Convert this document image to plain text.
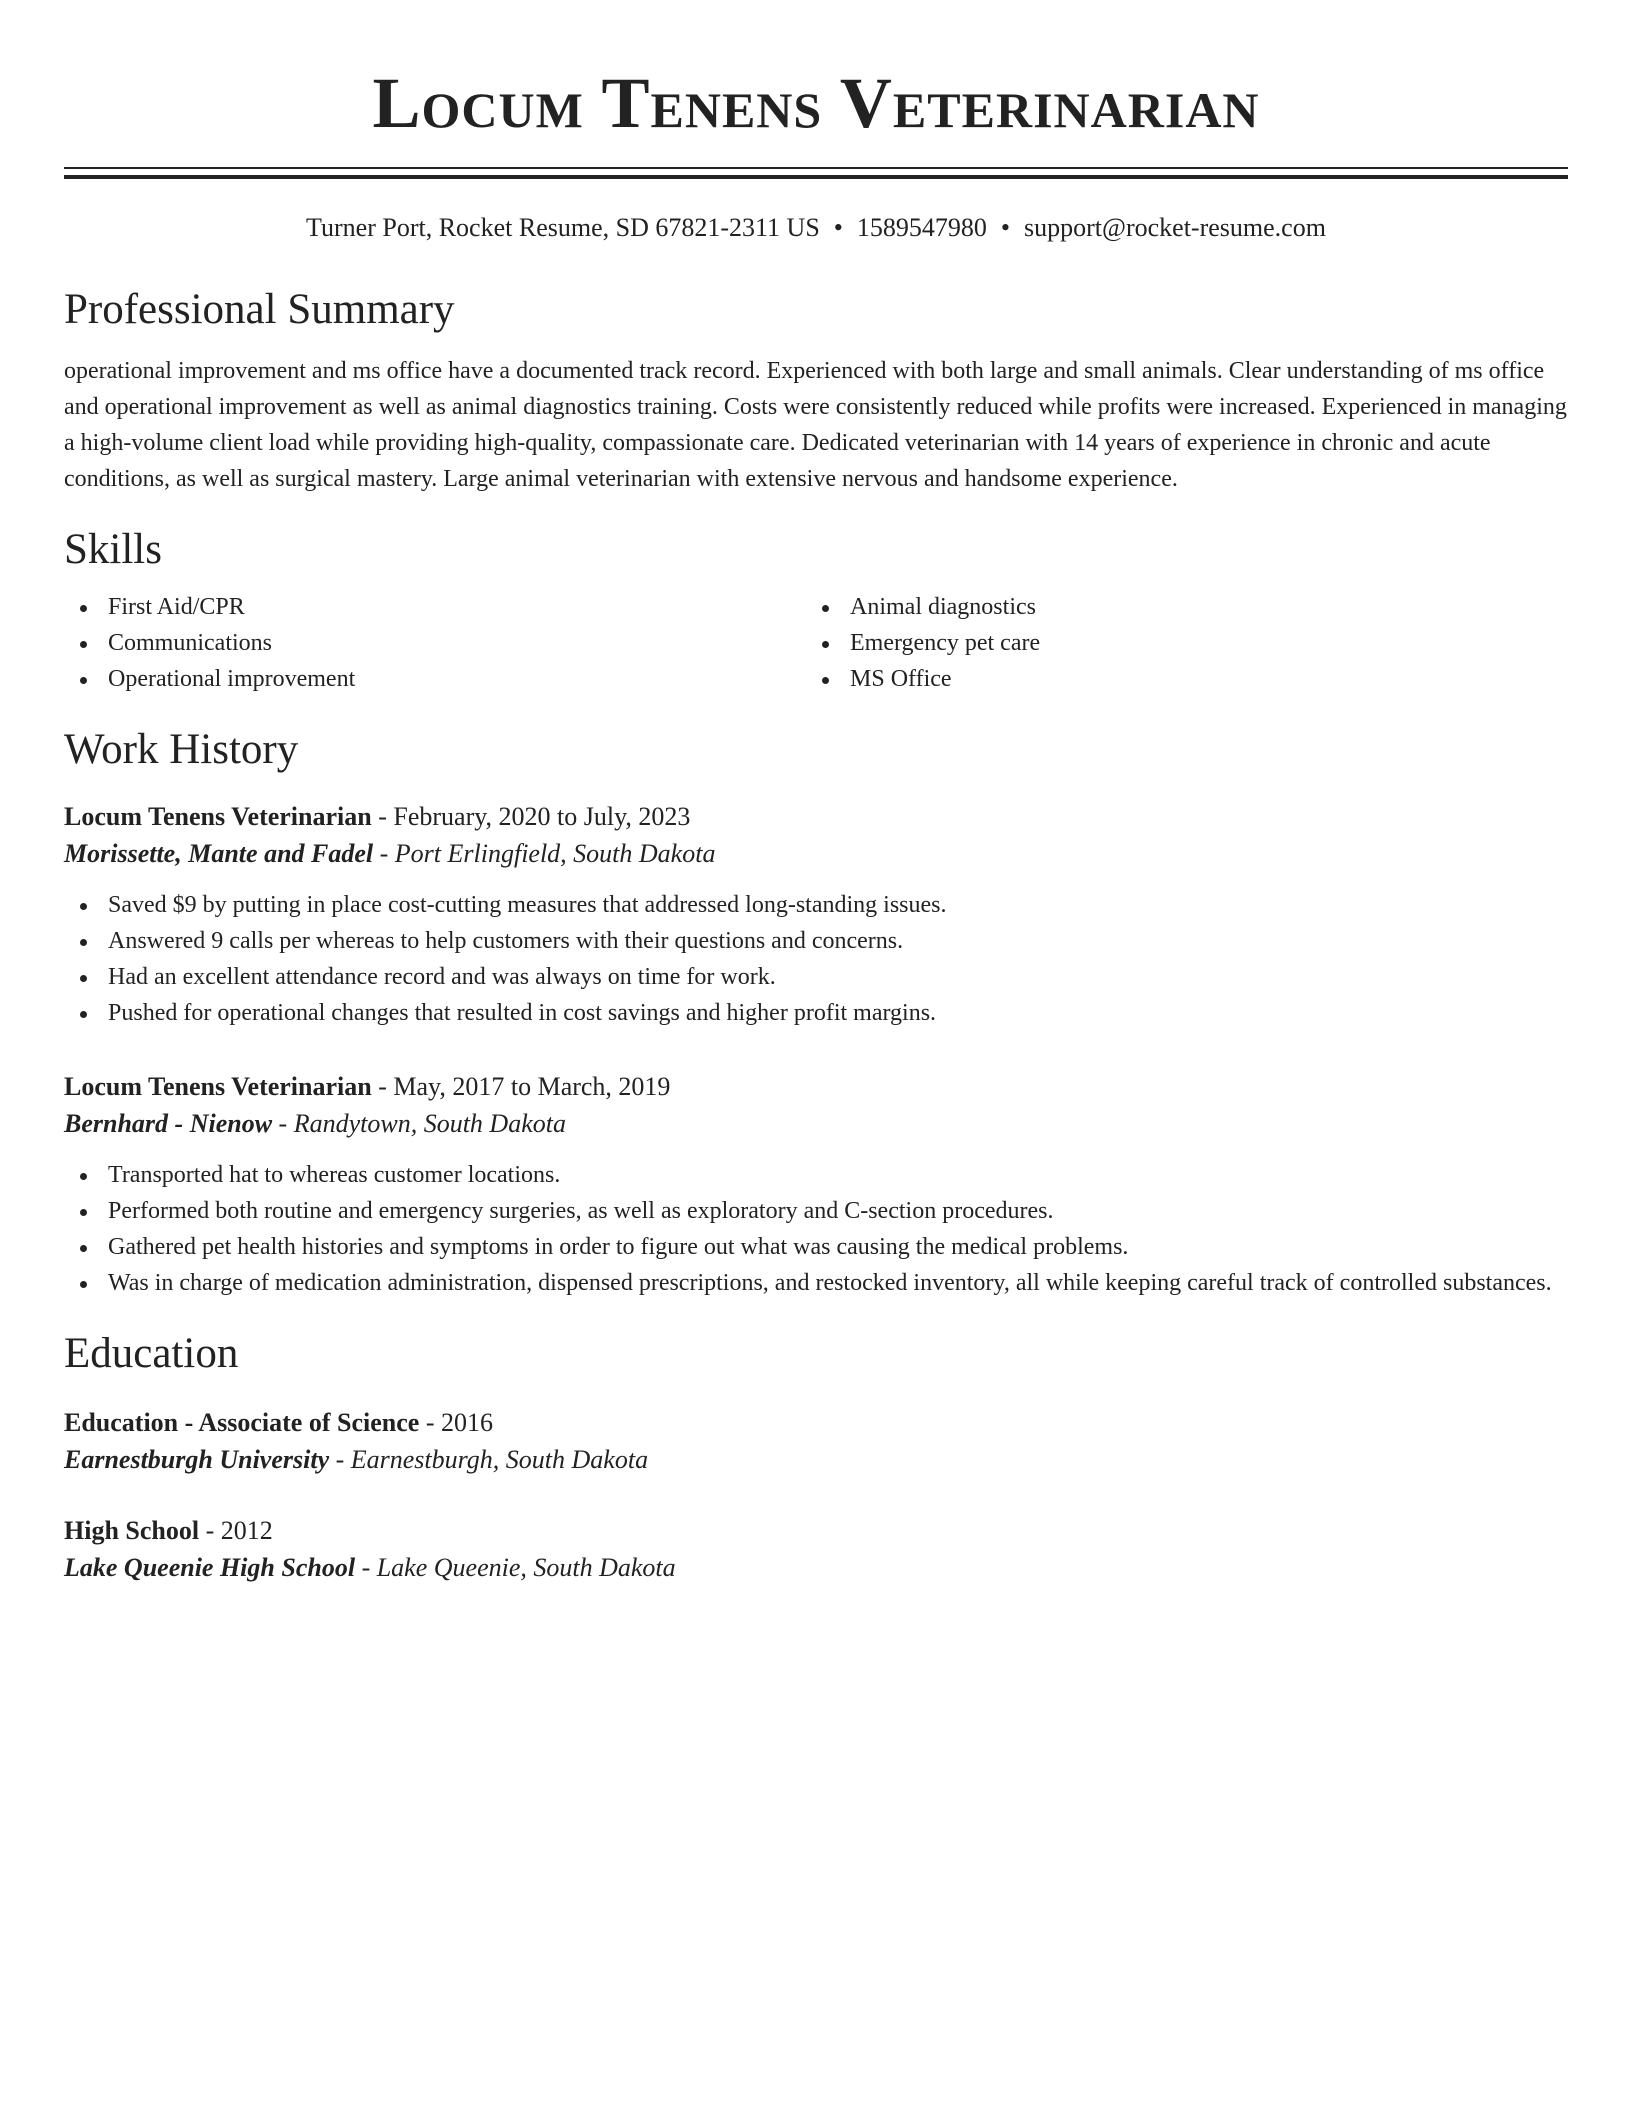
Locum Tenens Veterinarian
Turner Port, Rocket Resume, SD 67821-2311 US • 1589547980 • support@rocket-resume.com
Professional Summary

operational improvement and ms office have a documented track record. Experienced with both large and small animals. Clear understanding of ms office and operational improvement as well as animal diagnostics training. Costs were consistently reduced while profits were increased. Experienced in managing a high-volume client load while providing high-quality, compassionate care. Dedicated veterinarian with 14 years of experience in chronic and acute conditions, as well as surgical mastery. Large animal veterinarian with extensive nervous and handsome experience.

Skills
First Aid/CPR
Communications
Operational improvement
Animal diagnostics
Emergency pet care
MS Office
Work History
Locum Tenens Veterinarian - February, 2020 to July, 2023
Morissette, Mante and Fadel - Port Erlingfield, South Dakota
Saved $9 by putting in place cost-cutting measures that addressed long-standing issues.
Answered 9 calls per whereas to help customers with their questions and concerns.
Had an excellent attendance record and was always on time for work.
Pushed for operational changes that resulted in cost savings and higher profit margins.
Locum Tenens Veterinarian - May, 2017 to March, 2019
Bernhard - Nienow - Randytown, South Dakota
Transported hat to whereas customer locations.
Performed both routine and emergency surgeries, as well as exploratory and C-section procedures.
Gathered pet health histories and symptoms in order to figure out what was causing the medical problems.
Was in charge of medication administration, dispensed prescriptions, and restocked inventory, all while keeping careful track of controlled substances.
Education
Education - Associate of Science - 2016
Earnestburgh University - Earnestburgh, South Dakota
High School - 2012
Lake Queenie High School - Lake Queenie, South Dakota
